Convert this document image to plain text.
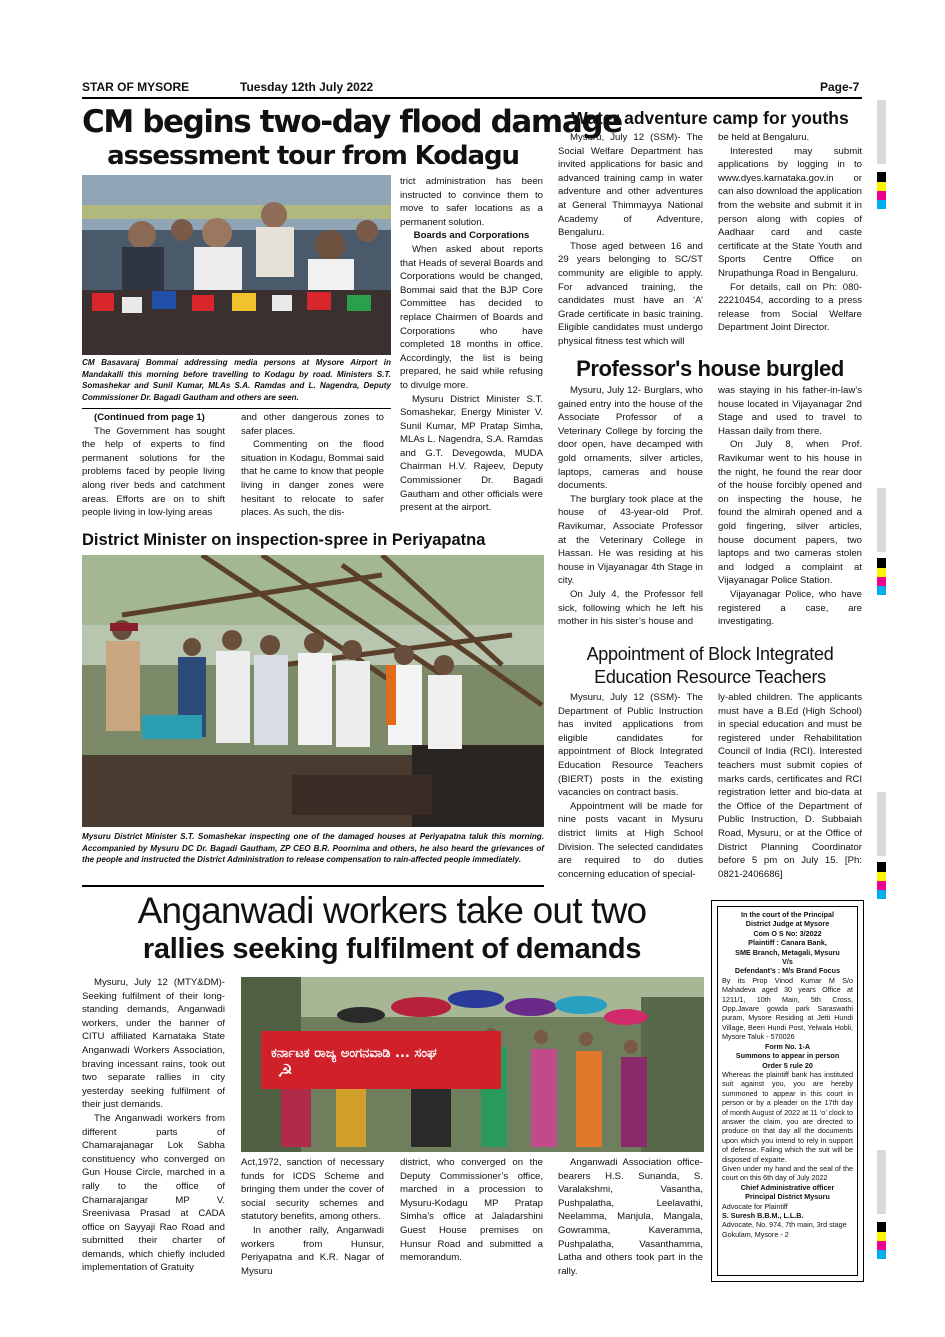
STAR OF MYSORE	Tuesday 12th July 2022	Page-7
CM begins two-day flood damage
assessment tour from Kodagu
CM Basavaraj Bommai addressing media persons at Mysore Airport in Mandakalli this morning before travelling to Kodagu by road. Ministers S.T. Somashekar and Sunil Kumar, MLAs S.A. Ramdas and L. Nagendra, Deputy Commissioner Dr. Bagadi Gautham and others are seen.

trict administration has been instructed to convince them to move to safer locations as a permanent solution.

Boards and Corporations

When asked about reports that Heads of several Boards and Corporations would be changed, Bommai said that the BJP Core Committee has decided to replace Chairmen of Boards and Corporations who have completed 18 months in office. Accordingly, the list is being prepared, he said while refusing to divulge more.

Mysuru District Minister S.T. Somashekar, Energy Minister V. Sunil Kumar, MP Pratap Simha, MLAs L. Nagendra, S.A. Ramdas and G.T. Devegowda, MUDA Chairman H.V. Rajeev, Deputy Commissioner Dr. Bagadi Gautham and other officials were present at the airport.

(Continued from page 1)

The Government has sought the help of experts to find permanent solutions for the problems faced by people living along river beds and catchment areas. Efforts are on to shift people living in low-lying areas

and other dangerous zones to safer places.

Commenting on the flood situation in Kodagu, Bommai said that he came to know that people living in danger zones were hesitant to relocate to safer places. As such, the dis-

District Minister on inspection-spree in Periyapatna
Mysuru District Minister S.T. Somashekar inspecting one of the damaged houses at Periyapatna taluk this morning. Accompanied by Mysuru DC Dr. Bagadi Gautham, ZP CEO B.R. Poornima and others, he also heard the grievances of the people and instructed the District Administration to release compensation to rain-affected people immediately.
Water adventure camp for youths

Mysuru, July 12 (SSM)- The Social Welfare Department has invited applications for basic and advanced training camp in water adventure and other adventures at General Thimmayya National Academy of Adventure, Bengaluru.

Those aged between 16 and 29 years belonging to SC/ST community are eligible to apply. For advanced training, the candidates must have an ‘A’ Grade certificate in basic training. Eligible candidates must undergo physical fitness test which will

be held at Bengaluru.

Interested may submit applications by logging in to www.dyes.karnataka.gov.in or can also download the application from the website and submit it in person along with copies of Aadhaar card and caste certificate at the State Youth and Sports Centre Office on Nrupathunga Road in Bengaluru.

For details, call on Ph: 080-22210454, according to a press release from Social Welfare Department Joint Director.

Professor's house burgled

Mysuru, July 12- Burglars, who gained entry into the house of the Associate Professor of a Veterinary College by forcing the door open, have decamped with gold ornaments, silver articles, laptops, cameras and house documents.

The burglary took place at the house of 43-year-old Prof. Ravikumar, Associate Professor at the Veterinary College in Hassan. He was residing at his house in Vijayanagar 4th Stage in city.

On July 4, the Professor fell sick, following which he left his mother in his sister’s house and

was staying in his father-in-law’s house located in Vijayanagar 2nd Stage and used to travel to Hassan daily from there.

On July 8, when Prof. Ravikumar went to his house in the night, he found the rear door of the house forcibly opened and on inspecting the house, he found the almirah opened and a gold fingering, silver articles, house document papers, two laptops and two cameras stolen and lodged a complaint at Vijayanagar Police Station.

Vijayanagar Police, who have registered a case, are investigating.

Appointment of Block Integrated
Education Resource Teachers

Mysuru, July 12 (SSM)- The Department of Public Instruction has invited applications from eligible candidates for appointment of Block Integrated Education Resource Teachers (BIERT) posts in the existing vacancies on contract basis.

Appointment will be made for nine posts vacant in Mysuru district limits at High School Division. The selected candidates are required to do duties concerning education of special-

ly-abled children. The applicants must have a B.Ed (High School) in special education and must be registered under Rehabilitation Council of India (RCI). Interested teachers must submit copies of marks cards, certificates and RCI registration letter and bio-data at the Office of the Department of Public Instruction, D. Subbaiah Road, Mysuru, or at the Office of District Planning Coordinator before 5 pm on July 15. [Ph: 0821-2406686]

Anganwadi workers take out two
rallies seeking fulfilment of demands

Mysuru, July 12 (MTY&DM)- Seeking fulfilment of their long-standing demands, Anganwadi workers, under the banner of CITU affiliated Karnataka State Anganwadi Workers Association, braving incessant rains, took out two separate rallies in city yesterday seeking fulfilment of their just demands.

The Anganwadi workers from different parts of Chamarajanagar Lok Sabha constituency who converged on Gun House Circle, marched in a rally to the office of Chamarajangar MP V. Sreenivasa Prasad at CADA office on Sayyaji Rao Road and submitted their charter of demands, which chiefly included implementation of Gratuity

ಕರ್ನಾಟಕ ರಾಜ್ಯ ಅಂಗನವಾಡಿ ... ಸಂಘ
☭

Act,1972, sanction of necessary funds for ICDS Scheme and bringing them under the cover of social security schemes and statutory benefits, among others.

In another rally, Anganwadi workers from Hunsur, Periyapatna and K.R. Nagar of Mysuru

district, who converged on the Deputy Commissioner’s office, marched in a procession to Mysuru-Kodagu MP Pratap Simha’s office at Jaladarshini Guest House premises on Hunsur Road and submitted a memorandum.

Anganwadi Association office-bearers H.S. Sunanda, S. Varalakshmi, Vasantha, Pushpalatha, Leelavathi, Neelamma, Manjula, Mangala, Gowramma, Kaveramma, Pushpalatha, Vasanthamma, Latha and others took part in the rally.

In the court of the Principal
District Judge at Mysore
Com O S No: 3/2022
Plaintiff : Canara Bank,
SME Branch, Metagali, Mysuru
V/s
Defendant’s : M/s Brand Focus
By its Prop Vinod Kumar M S/o Mahadeva aged 30 years Office at 1211/1, 10th Main, 5th Cross, Opp.Javare gowda park Saraswathi puram, Mysore Residing at Jetti Hundi Village, Beeri Hundi Post, Yelwala Hobli, Mysore Taluk - 570026
Form No. 1-A
Summons to appear in person
Order 5 rule 20
Whereas the plaintiff bank has instituted suit against you, you are hereby summoned to appear in this court in person or by a pleader on the 17th day of month August of 2022 at 11 ‘o’ clock to answer the claim, you are directed to produce on that day all the documents upon which you intend to rely in support of defense. Failing which the suit will be disposed of exparte.
Given under my hand and the seal of the court on this 6th day of July 2022
Chief Administrative officer
Principal District Mysuru
Advocate for Plaintiff
S. Suresh B.B.M., L.L.B.
Advocate, No. 974, 7th main, 3rd stage Gokulam, Mysore - 2
